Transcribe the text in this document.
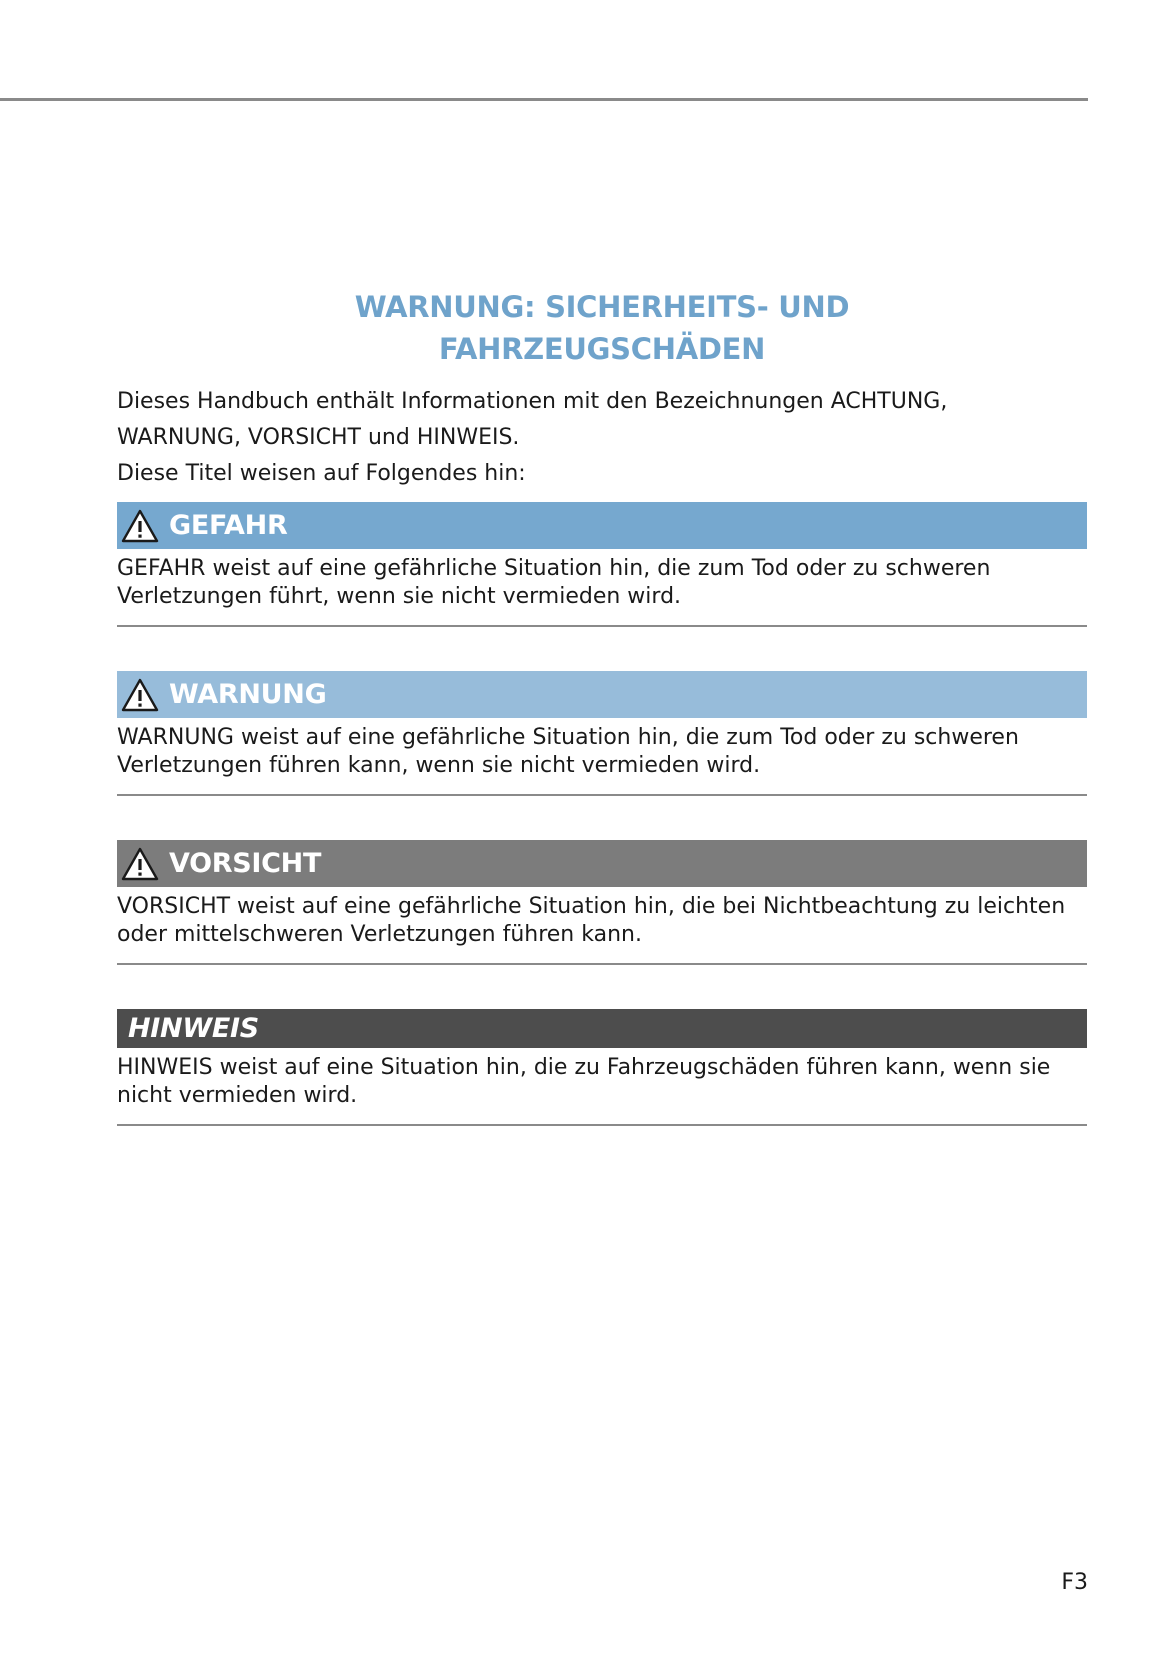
WARNUNG: SICHERHEITS- UND
FAHRZEUGSCHÄDEN

Dieses Handbuch enthält Informationen mit den Bezeichnungen ACHTUNG,

WARNUNG, VORSICHT und HINWEIS.

Diese Titel weisen auf Folgendes hin:

GEFAHR
GEFAHR weist auf eine gefährliche Situation hin, die zum Tod oder zu schweren
Verletzungen führt, wenn sie nicht vermieden wird.
WARNUNG
WARNUNG weist auf eine gefährliche Situation hin, die zum Tod oder zu schweren
Verletzungen führen kann, wenn sie nicht vermieden wird.
VORSICHT
VORSICHT weist auf eine gefährliche Situation hin, die bei Nichtbeachtung zu leichten
oder mittelschweren Verletzungen führen kann.
HINWEIS
HINWEIS weist auf eine Situation hin, die zu Fahrzeugschäden führen kann, wenn sie
nicht vermieden wird.
F3
